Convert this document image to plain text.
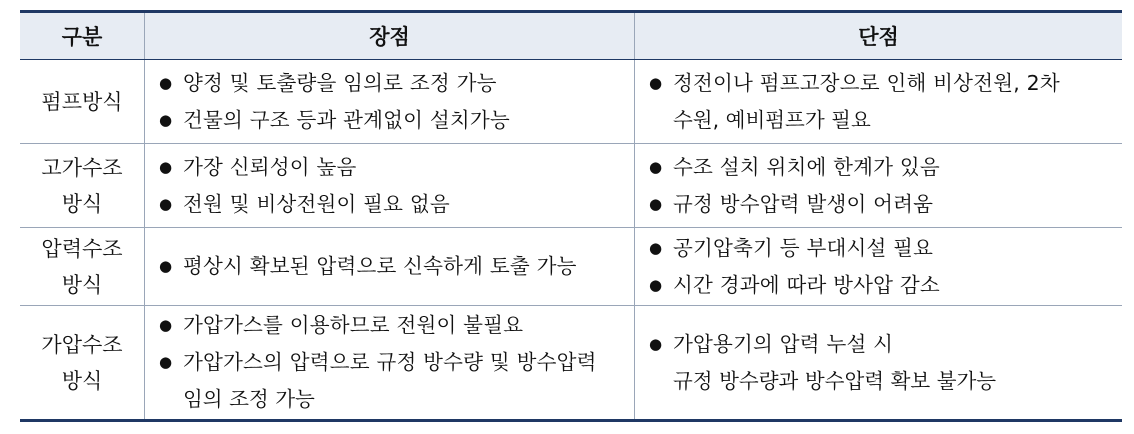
구분	장점	단점
펌프방식
● 양정 및 토출량을 임의로 조정 가능
● 건물의 구조 등과 관계없이 설치가능
● 정전이나 펌프고장으로 인해 비상전원, 2차
수원, 예비펌프가 필요
고가수조
방식
● 가장 신뢰성이 높음
● 전원 및 비상전원이 필요 없음
● 수조 설치 위치에 한계가 있음
● 규정 방수압력 발생이 어려움
압력수조
방식
● 평상시 확보된 압력으로 신속하게 토출 가능
● 공기압축기 등 부대시설 필요
● 시간 경과에 따라 방사압 감소
가압수조
방식
● 가압가스를 이용하므로 전원이 불필요
● 가압가스의 압력으로 규정 방수량 및 방수압력
임의 조정 가능
● 가압용기의 압력 누설 시
규정 방수량과 방수압력 확보 불가능
